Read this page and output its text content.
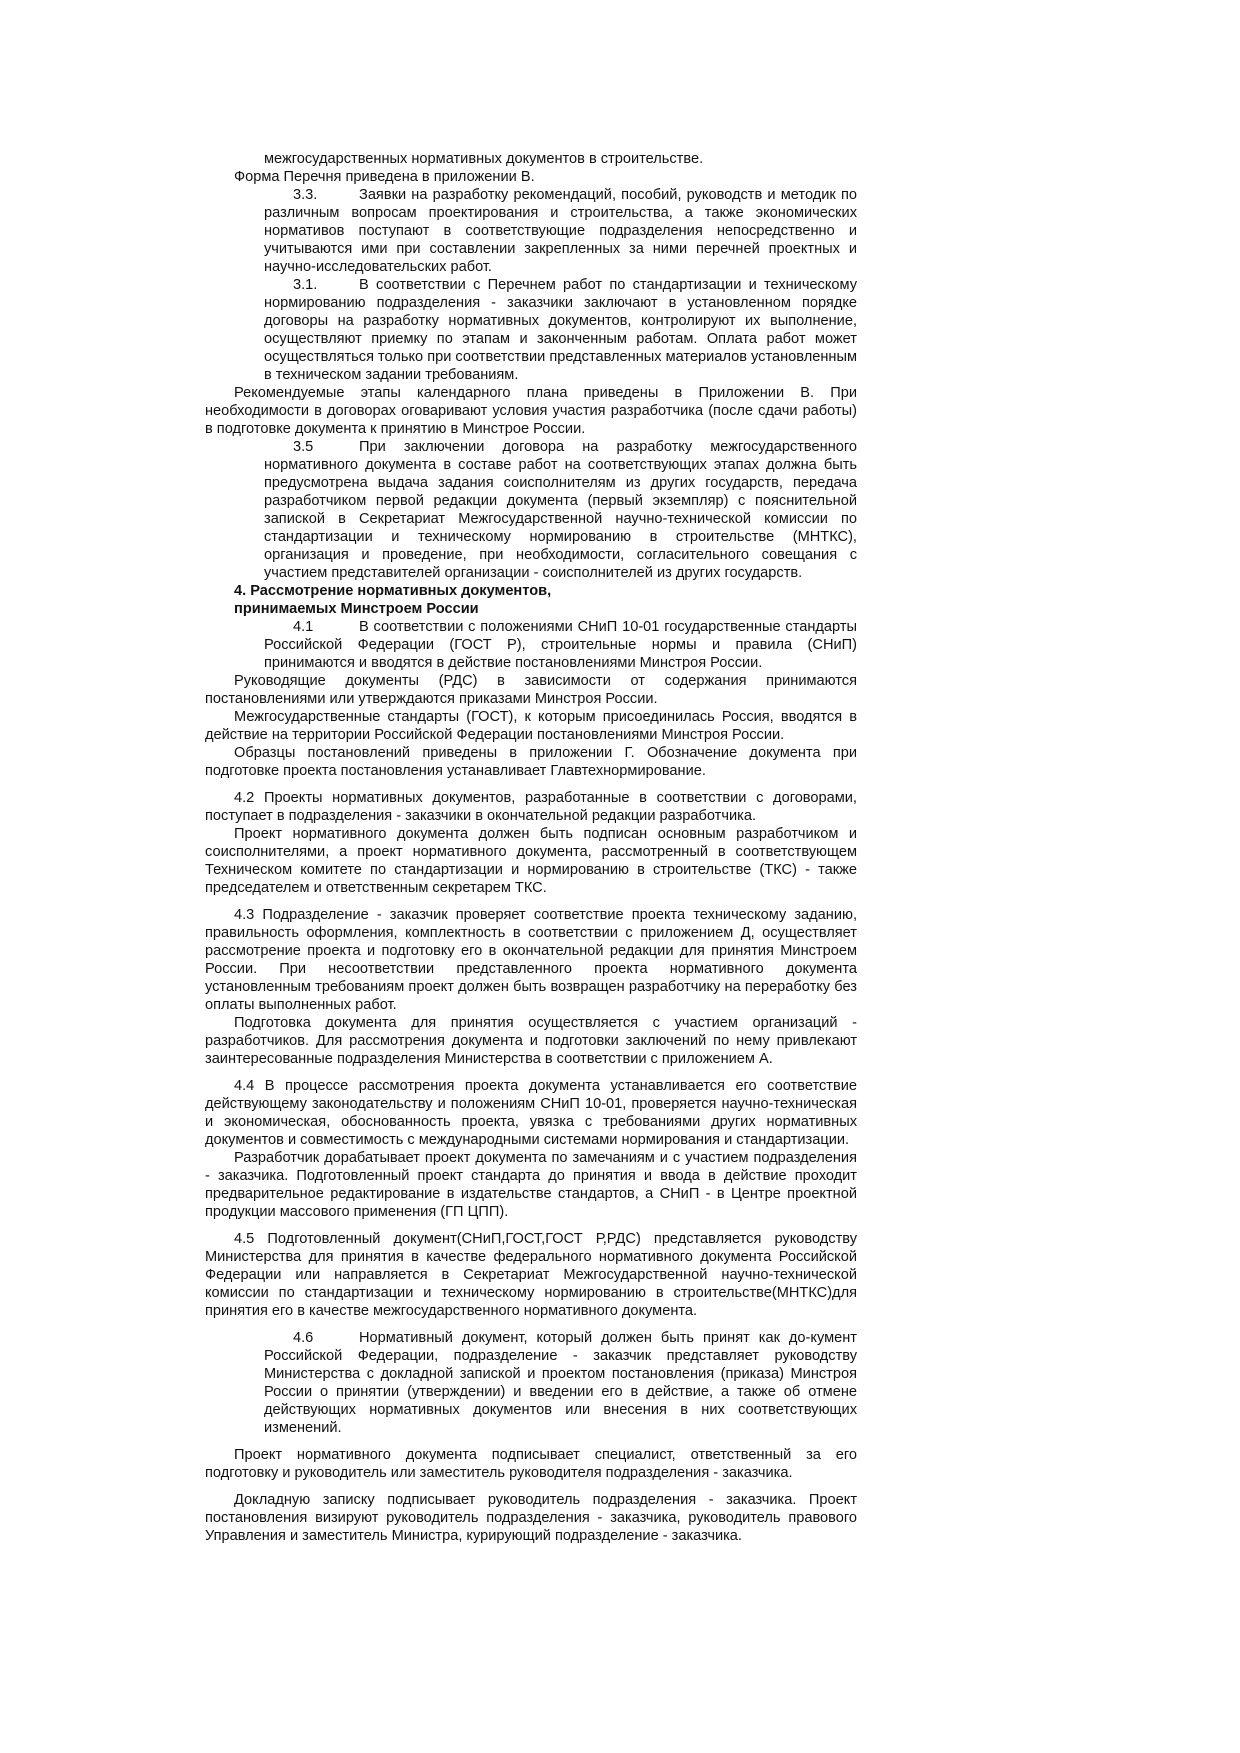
межгосударственных нормативных документов в строительстве.

Форма Перечня приведена в приложении В.

3.3.	Заявки на разработку рекомендаций, пособий, руководств и методик по различным вопросам проектирования и строительства, а также экономических нормативов поступают в соответствующие подразделения непосредственно и учитываются ими при составлении закрепленных за ними перечней проектных и научно-исследовательских работ.

3.1.	В соответствии с Перечнем работ по стандартизации и техническому нормированию подразделения - заказчики заключают в установленном порядке договоры на разработку нормативных документов, контролируют их выполнение, осуществляют приемку по этапам и законченным работам. Оплата работ может осуществляться только при соответствии представленных материалов установленным в техническом задании требованиям.

Рекомендуемые этапы календарного плана приведены в Приложении В. При необходимости в договорах оговаривают условия участия разработчика (после сдачи работы) в подготовке документа к принятию в Минстрое России.

3.5	При заключении договора на разработку межгосударственного нормативного документа в составе работ на соответствующих этапах должна быть предусмотрена выдача задания соисполнителям из других государств, передача разработчиком первой редакции документа (первый экземпляр) с пояснительной запиской в Секретариат Межгосударственной научно-технической комиссии по стандартизации и техническому нормированию в строительстве (МНТКС), организация и проведение, при необходимости, согласительного совещания с участием представителей организации - соисполнителей из других государств.

4. Рассмотрение нормативных документов,

принимаемых Минстроем России

4.1	В соответствии с положениями СНиП 10-01 государственные стандарты Российской Федерации (ГОСТ Р), строительные нормы и правила (СНиП) принимаются и вводятся в действие постановлениями Минстроя России.

Руководящие документы (РДС) в зависимости от содержания принимаются постановлениями или утверждаются приказами Минстроя России.

Межгосударственные стандарты (ГОСТ), к которым присоединилась Россия, вводятся в действие на территории Российской Федерации постановлениями Минстроя России.

Образцы постановлений приведены в приложении Г. Обозначение документа при подготовке проекта постановления устанавливает Главтехнормирование.

4.2 Проекты нормативных документов, разработанные в соответствии с договорами, поступает в подразделения - заказчики в окончательной редакции разработчика.

Проект нормативного документа должен быть подписан основным разработчиком и соисполнителями, а проект нормативного документа, рассмотренный в соответствующем Техническом комитете по стандартизации и нормированию в строительстве (ТКС) - также председателем и ответственным секретарем ТКС.

4.3 Подразделение - заказчик проверяет соответствие проекта техническому заданию, правильность оформления, комплектность в соответствии с приложением Д, осуществляет рассмотрение проекта и подготовку его в окончательной редакции для принятия Минстроем России. При несоответствии представленного проекта нормативного документа установленным требованиям проект должен быть возвращен разработчику на переработку без оплаты выполненных работ.

Подготовка документа для принятия осуществляется с участием организаций - разработчиков. Для рассмотрения документа и подготовки заключений по нему привлекают заинтересованные подразделения Министерства в соответствии с приложением А.

4.4 В процессе рассмотрения проекта документа устанавливается его соответствие действующему законодательству и положениям СНиП 10-01, проверяется научно-техническая и экономическая, обоснованность проекта, увязка с требованиями других нормативных документов и совместимость с международными системами нормирования и стандартизации.

Разработчик дорабатывает проект документа по замечаниям и с участием подразделения - заказчика. Подготовленный проект стандарта до принятия и ввода в действие проходит предварительное редактирование в издательстве стандартов, а СНиП - в Центре проектной продукции массового применения (ГП ЦПП).

4.5 Подготовленный документ(СНиП,ГОСТ,ГОСТ Р,РДС) представляется руководству Министерства для принятия в качестве федерального нормативного документа Российской Федерации или направляется в Секретариат Межгосударственной научно-технической комиссии по стандартизации и техническому нормированию в строительстве(МНТКС)для принятия его в качестве межгосударственного нормативного документа.

4.6	Нормативный документ, который должен быть принят как до-кумент Российской Федерации, подразделение - заказчик представляет руководству Министерства с докладной запиской и проектом постановления (приказа) Минстроя России о принятии (утверждении) и введении его в действие, а также об отмене действующих нормативных документов или внесения в них соответствующих изменений.

Проект нормативного документа подписывает специалист, ответственный за его подготовку и руководитель или заместитель руководителя подразделения - заказчика.

Докладную записку подписывает руководитель подразделения - заказчика. Проект постановления визируют руководитель подразделения - заказчика, руководитель правового Управления и заместитель Министра, курирующий подразделение - заказчика.
